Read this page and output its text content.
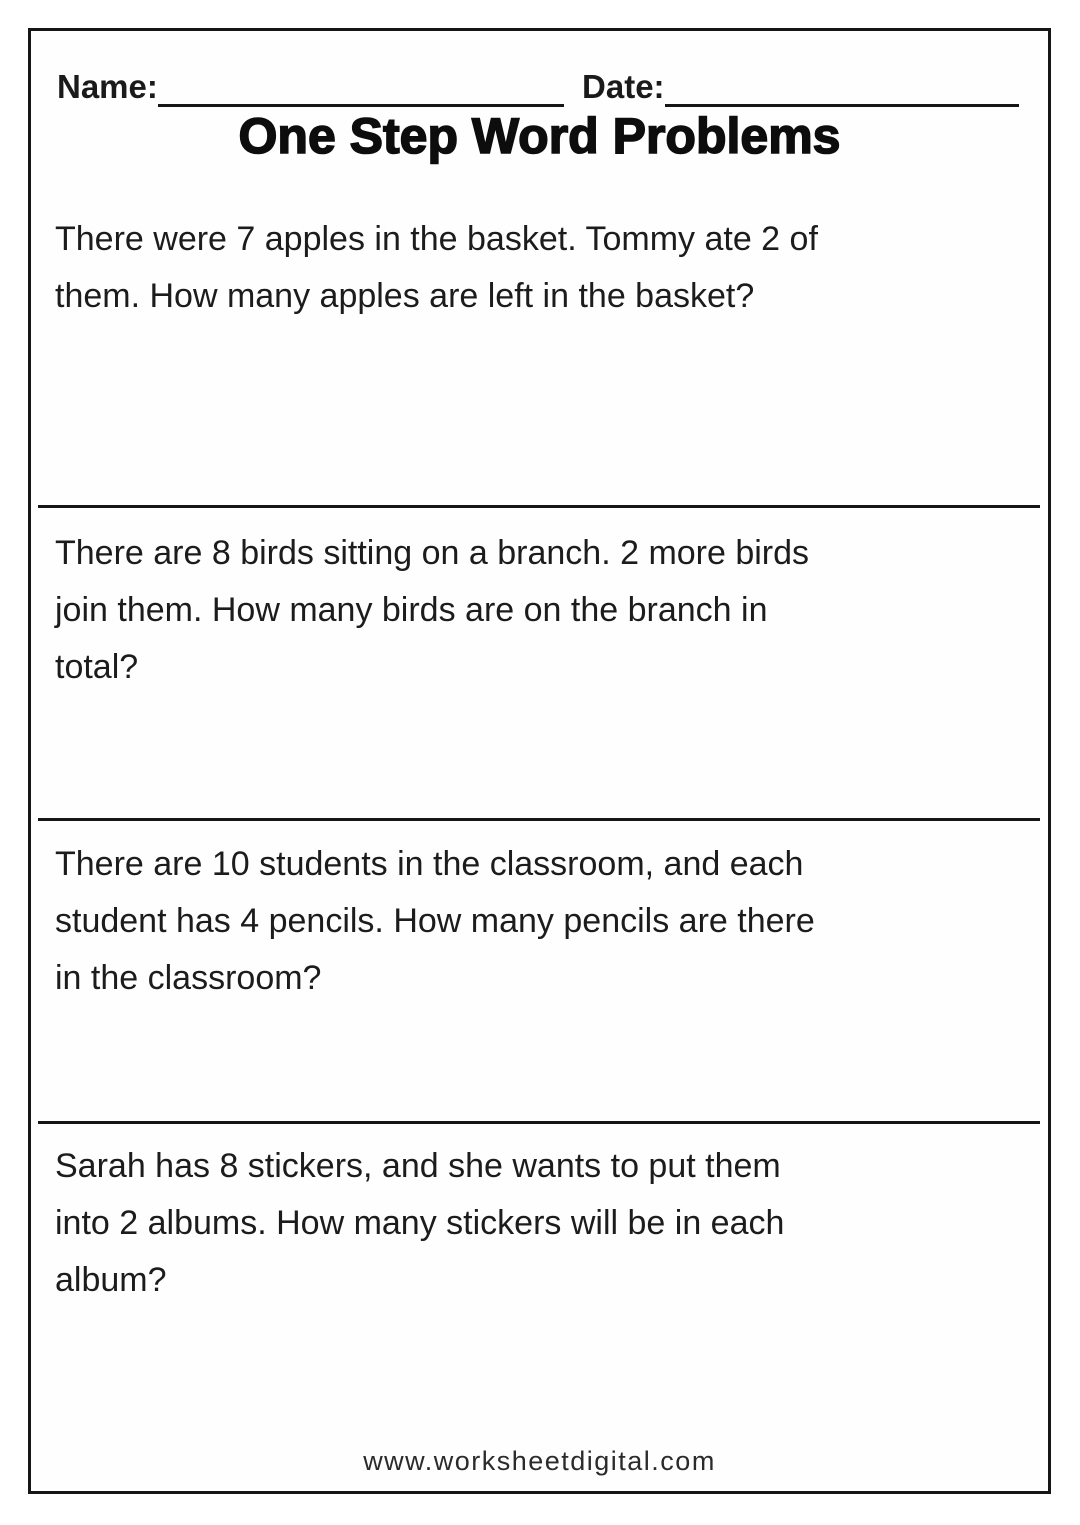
Name:	Date:
One Step Word Problems
There were 7 apples in the basket. Tommy ate 2 of
them. How many apples are left in the basket?
There are 8 birds sitting on a branch. 2 more birds
join them. How many birds are on the branch in
total?
There are 10 students in the classroom, and each
student has 4 pencils. How many pencils are there
in the classroom?
Sarah has 8 stickers, and she wants to put them
into 2 albums. How many stickers will be in each
album?
www.worksheetdigital.com
